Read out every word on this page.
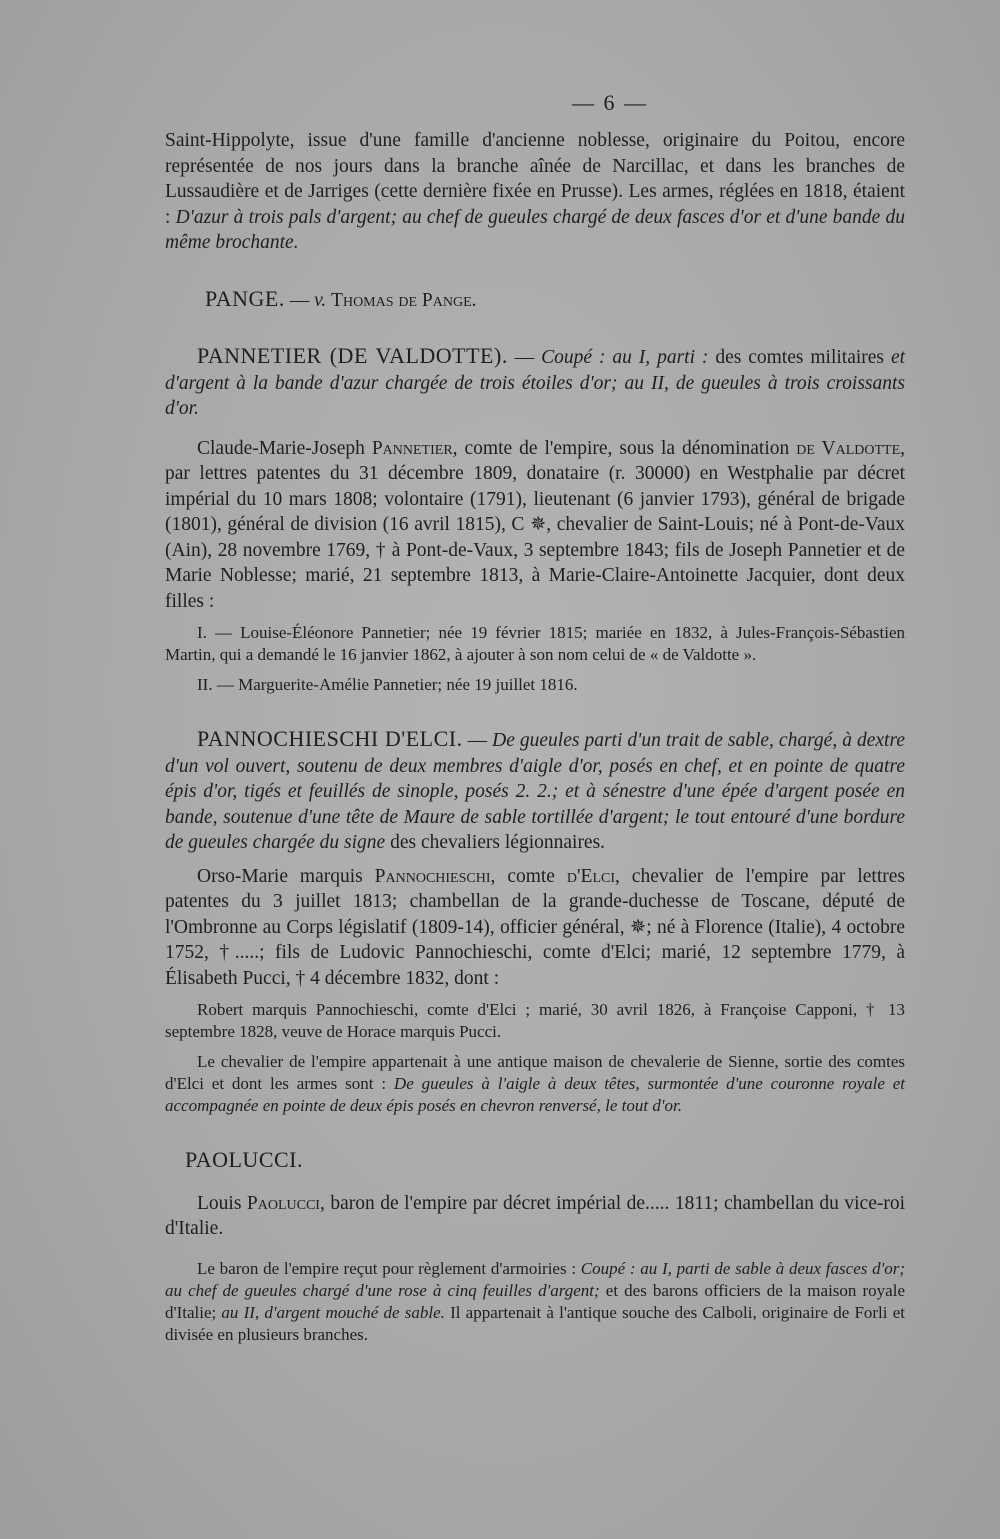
— 6 —

Saint-Hippolyte, issue d'une famille d'ancienne noblesse, originaire du Poitou, encore représentée de nos jours dans la branche aînée de Narcillac, et dans les branches de Lussaudière et de Jarriges (cette dernière fixée en Prusse). Les armes, réglées en 1818, étaient : D'azur à trois pals d'argent; au chef de gueules chargé de deux fasces d'or et d'une bande du même brochante.

PANGE. — v. Thomas de Pange.

PANNETIER (DE VALDOTTE). — Coupé : au I, parti : des comtes militaires et d'argent à la bande d'azur chargée de trois étoiles d'or; au II, de gueules à trois croissants d'or.

Claude-Marie-Joseph Pannetier, comte de l'empire, sous la dénomination de Valdotte, par lettres patentes du 31 décembre 1809, donataire (r. 30000) en Westphalie par décret impérial du 10 mars 1808; volontaire (1791), lieutenant (6 janvier 1793), général de brigade (1801), général de division (16 avril 1815), C ✵, chevalier de Saint-Louis; né à Pont-de-Vaux (Ain), 28 novembre 1769, † à Pont-de-Vaux, 3 septembre 1843; fils de Joseph Pannetier et de Marie Noblesse; marié, 21 septembre 1813, à Marie-Claire-Antoinette Jacquier, dont deux filles :

I. — Louise-Éléonore Pannetier; née 19 février 1815; mariée en 1832, à Jules-François-Sébastien Martin, qui a demandé le 16 janvier 1862, à ajouter à son nom celui de « de Valdotte ».

II. — Marguerite-Amélie Pannetier; née 19 juillet 1816.

PANNOCHIESCHI D'ELCI. — De gueules parti d'un trait de sable, chargé, à dextre d'un vol ouvert, soutenu de deux membres d'aigle d'or, posés en chef, et en pointe de quatre épis d'or, tigés et feuillés de sinople, posés 2. 2.; et à sénestre d'une épée d'argent posée en bande, soutenue d'une tête de Maure de sable tortillée d'argent; le tout entouré d'une bordure de gueules chargée du signe des chevaliers légionnaires.

Orso-Marie marquis Pannochieschi, comte d'Elci, chevalier de l'empire par lettres patentes du 3 juillet 1813; chambellan de la grande-duchesse de Toscane, député de l'Ombronne au Corps législatif (1809-14), officier général, ✵; né à Florence (Italie), 4 octobre 1752, †.....; fils de Ludovic Pannochieschi, comte d'Elci; marié, 12 septembre 1779, à Élisabeth Pucci, † 4 décembre 1832, dont :

Robert marquis Pannochieschi, comte d'Elci ; marié, 30 avril 1826, à Françoise Capponi, † 13 septembre 1828, veuve de Horace marquis Pucci.

Le chevalier de l'empire appartenait à une antique maison de chevalerie de Sienne, sortie des comtes d'Elci et dont les armes sont : De gueules à l'aigle à deux têtes, surmontée d'une couronne royale et accompagnée en pointe de deux épis posés en chevron renversé, le tout d'or.

PAOLUCCI.

Louis Paolucci, baron de l'empire par décret impérial de..... 1811; chambellan du vice-roi d'Italie.

Le baron de l'empire reçut pour règlement d'armoiries : Coupé : au I, parti de sable à deux fasces d'or; au chef de gueules chargé d'une rose à cinq feuilles d'argent; et des barons officiers de la maison royale d'Italie; au II, d'argent mouché de sable. Il appartenait à l'antique souche des Calboli, originaire de Forli et divisée en plusieurs branches.
